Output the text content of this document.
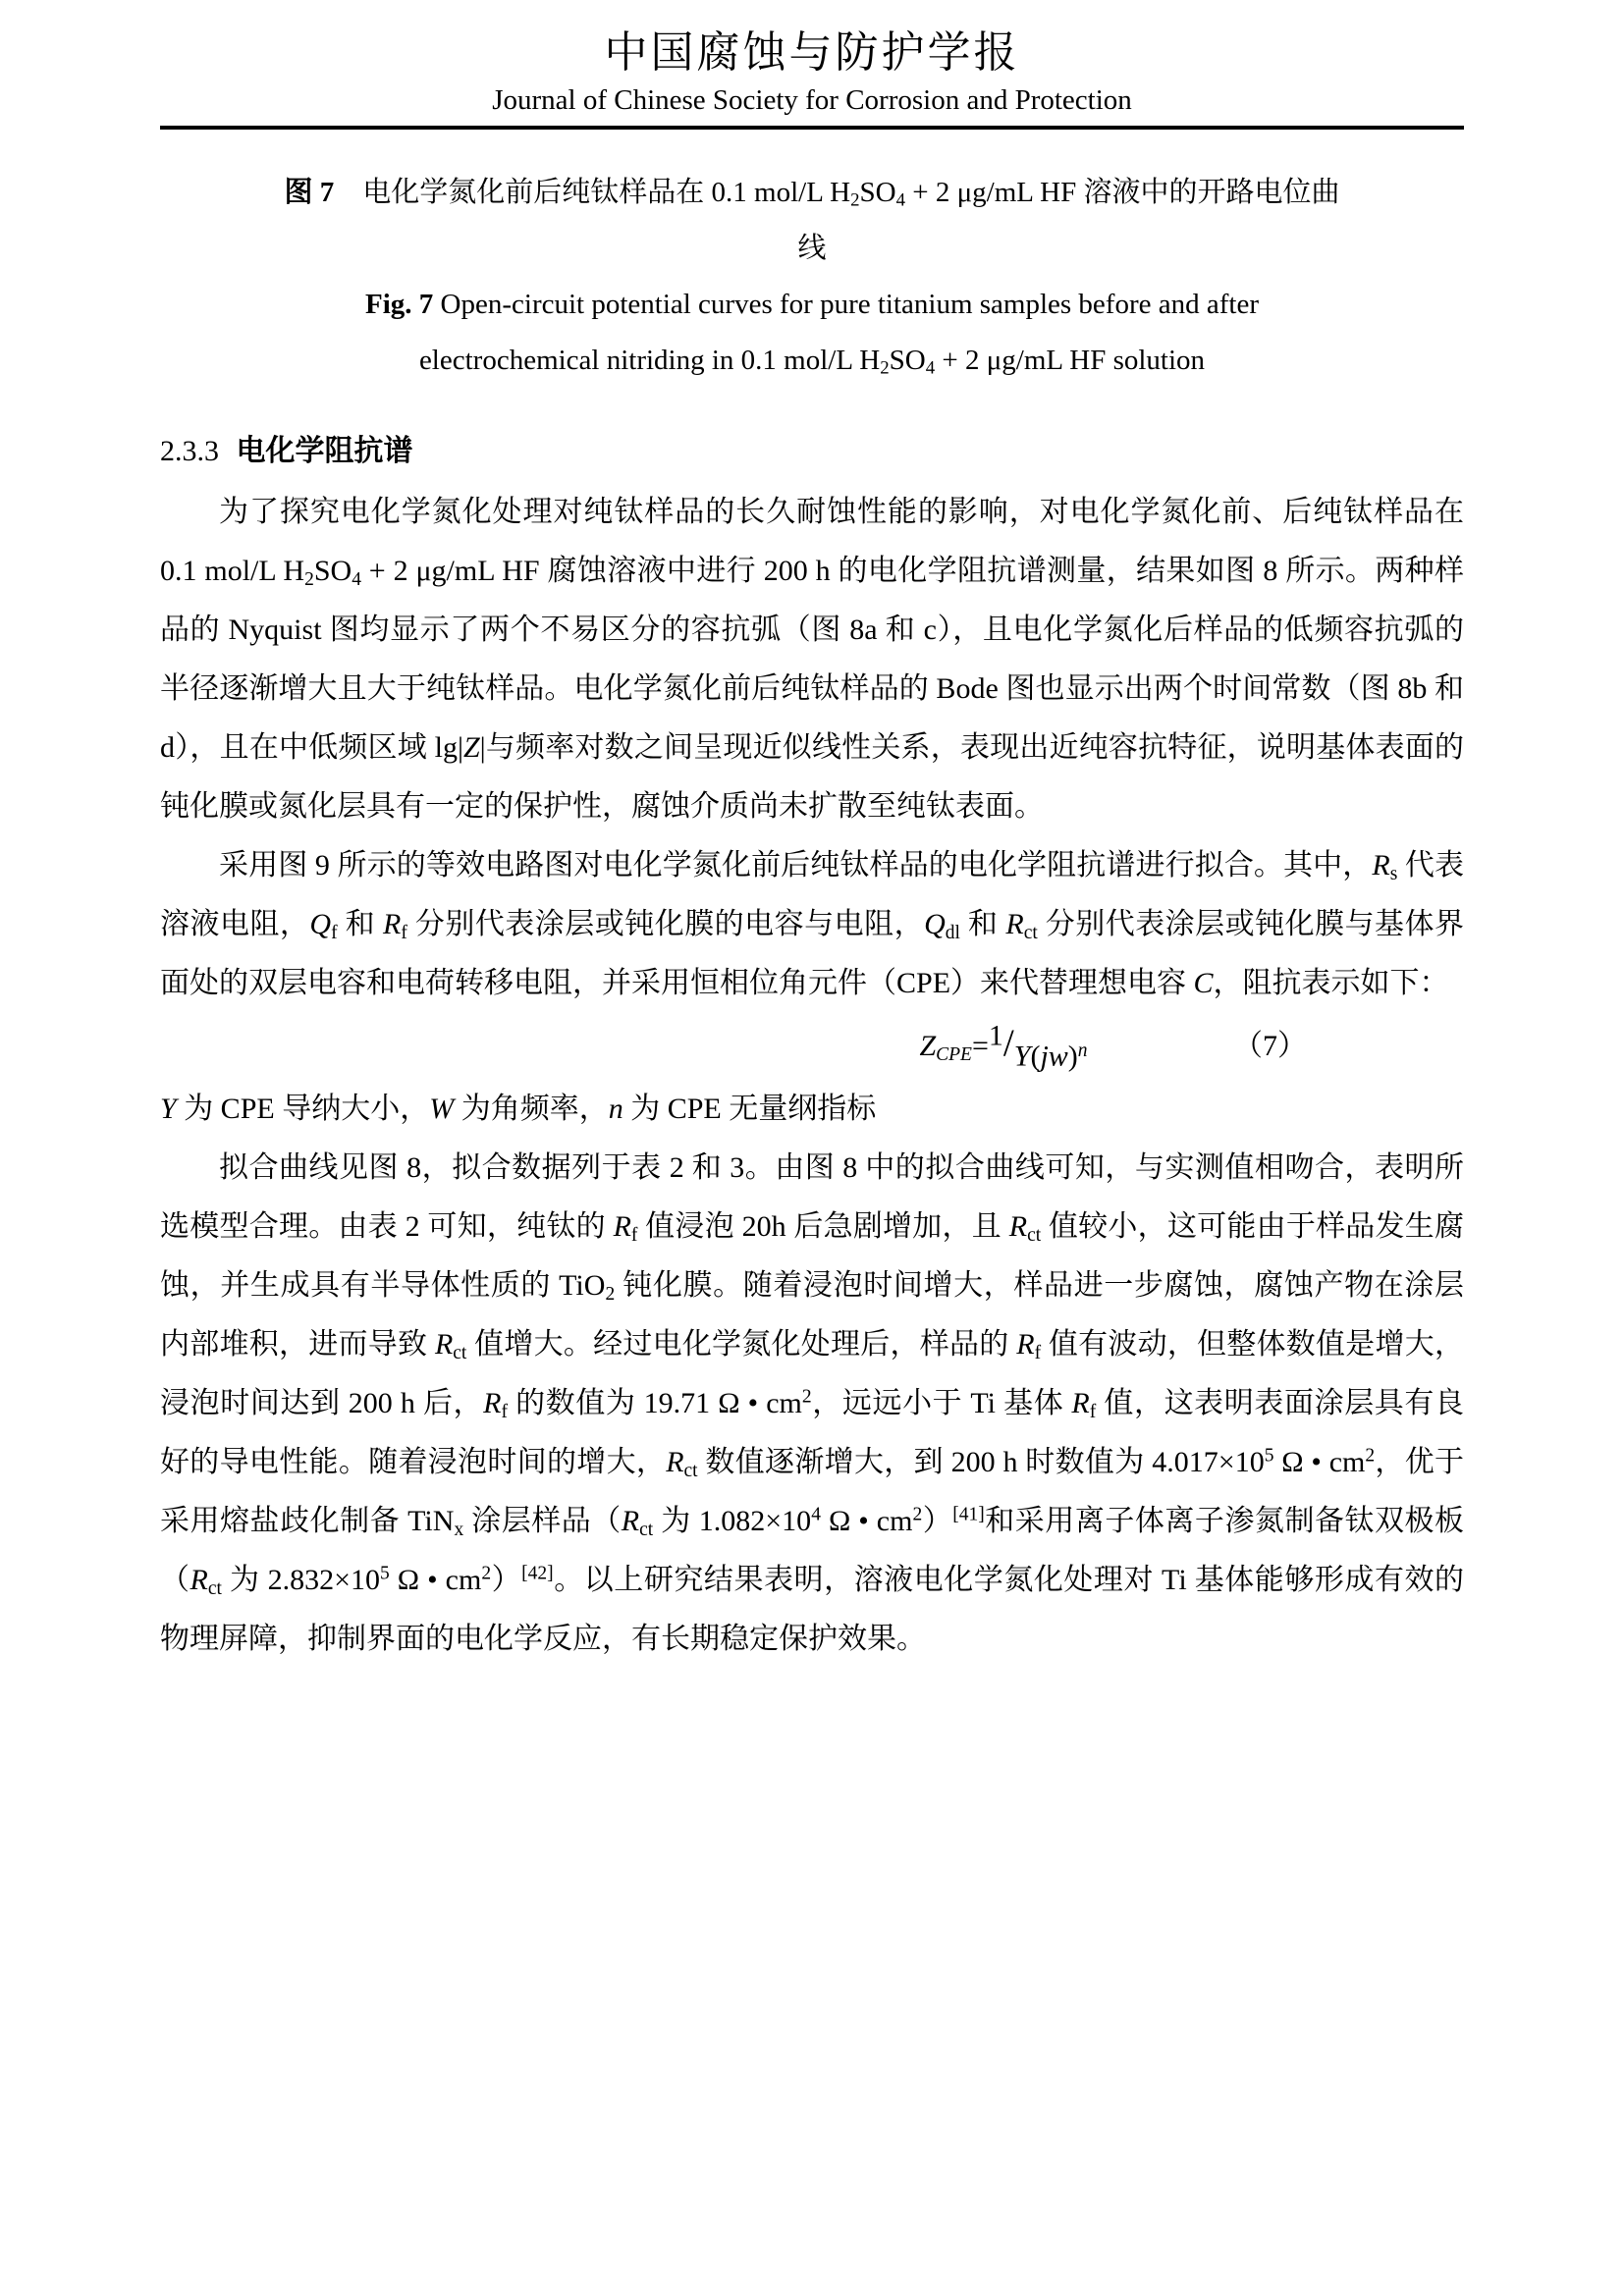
中国腐蚀与防护学报
Journal of Chinese Society for Corrosion and Protection
图 7　电化学氮化前后纯钛样品在 0.1 mol/L H2SO4 + 2 μg/mL HF 溶液中的开路电位曲
线
Fig. 7 Open-circuit potential curves for pure titanium samples before and after
electrochemical nitriding in 0.1 mol/L H2SO4 + 2 μg/mL HF solution
2.3.3 电化学阻抗谱

为了探究电化学氮化处理对纯钛样品的长久耐蚀性能的影响，对电化学氮化前、后纯钛样品在 0.1 mol/L H2SO4 + 2 μg/mL HF 腐蚀溶液中进行 200 h 的电化学阻抗谱测量，结果如图 8 所示。两种样品的 Nyquist 图均显示了两个不易区分的容抗弧（图 8a 和 c），且电化学氮化后样品的低频容抗弧的半径逐渐增大且大于纯钛样品。电化学氮化前后纯钛样品的 Bode 图也显示出两个时间常数（图 8b 和 d），且在中低频区域 lg|Z|与频率对数之间呈现近似线性关系，表现出近纯容抗特征，说明基体表面的钝化膜或氮化层具有一定的保护性，腐蚀介质尚未扩散至纯钛表面。

采用图 9 所示的等效电路图对电化学氮化前后纯钛样品的电化学阻抗谱进行拟合。其中，Rs 代表溶液电阻，Qf 和 Rf 分别代表涂层或钝化膜的电容与电阻，Qdl 和 Rct 分别代表涂层或钝化膜与基体界面处的双层电容和电荷转移电阻，并采用恒相位角元件（CPE）来代替理想电容 C，阻抗表示如下：

ZCPE=1/Y(jw)n	（7）

Y 为 CPE 导纳大小，W 为角频率，n 为 CPE 无量纲指标

拟合曲线见图 8，拟合数据列于表 2 和 3。由图 8 中的拟合曲线可知，与实测值相吻合，表明所选模型合理。由表 2 可知，纯钛的 Rf 值浸泡 20h 后急剧增加，且 Rct 值较小，这可能由于样品发生腐蚀，并生成具有半导体性质的 TiO2 钝化膜。随着浸泡时间增大，样品进一步腐蚀，腐蚀产物在涂层内部堆积，进而导致 Rct 值增大。经过电化学氮化处理后，样品的 Rf 值有波动，但整体数值是增大，浸泡时间达到 200 h 后，Rf 的数值为 19.71 Ω • $cm^2$，远远小于 Ti 基体 Rf 值，这表明表面涂层具有良好的导电性能。随着浸泡时间的增大，Rct 数值逐渐增大，到 200 h 时数值为 $4.017\times 10^5$ Ω • $cm^2$，优于采用熔盐歧化制备 TiNx 涂层样品（Rct 为 $1.082\times 10^4$ Ω • $cm^2)[41]$和采用离子体离子渗氮制备钛双极板（Rct 为 $2.832\times 10^5$ Ω • $cm^2)[42]$。以上研究结果表明，溶液电化学氮化处理对 Ti 基体能够形成有效的物理屏障，抑制界面的电化学反应，有长期稳定保护效果。
